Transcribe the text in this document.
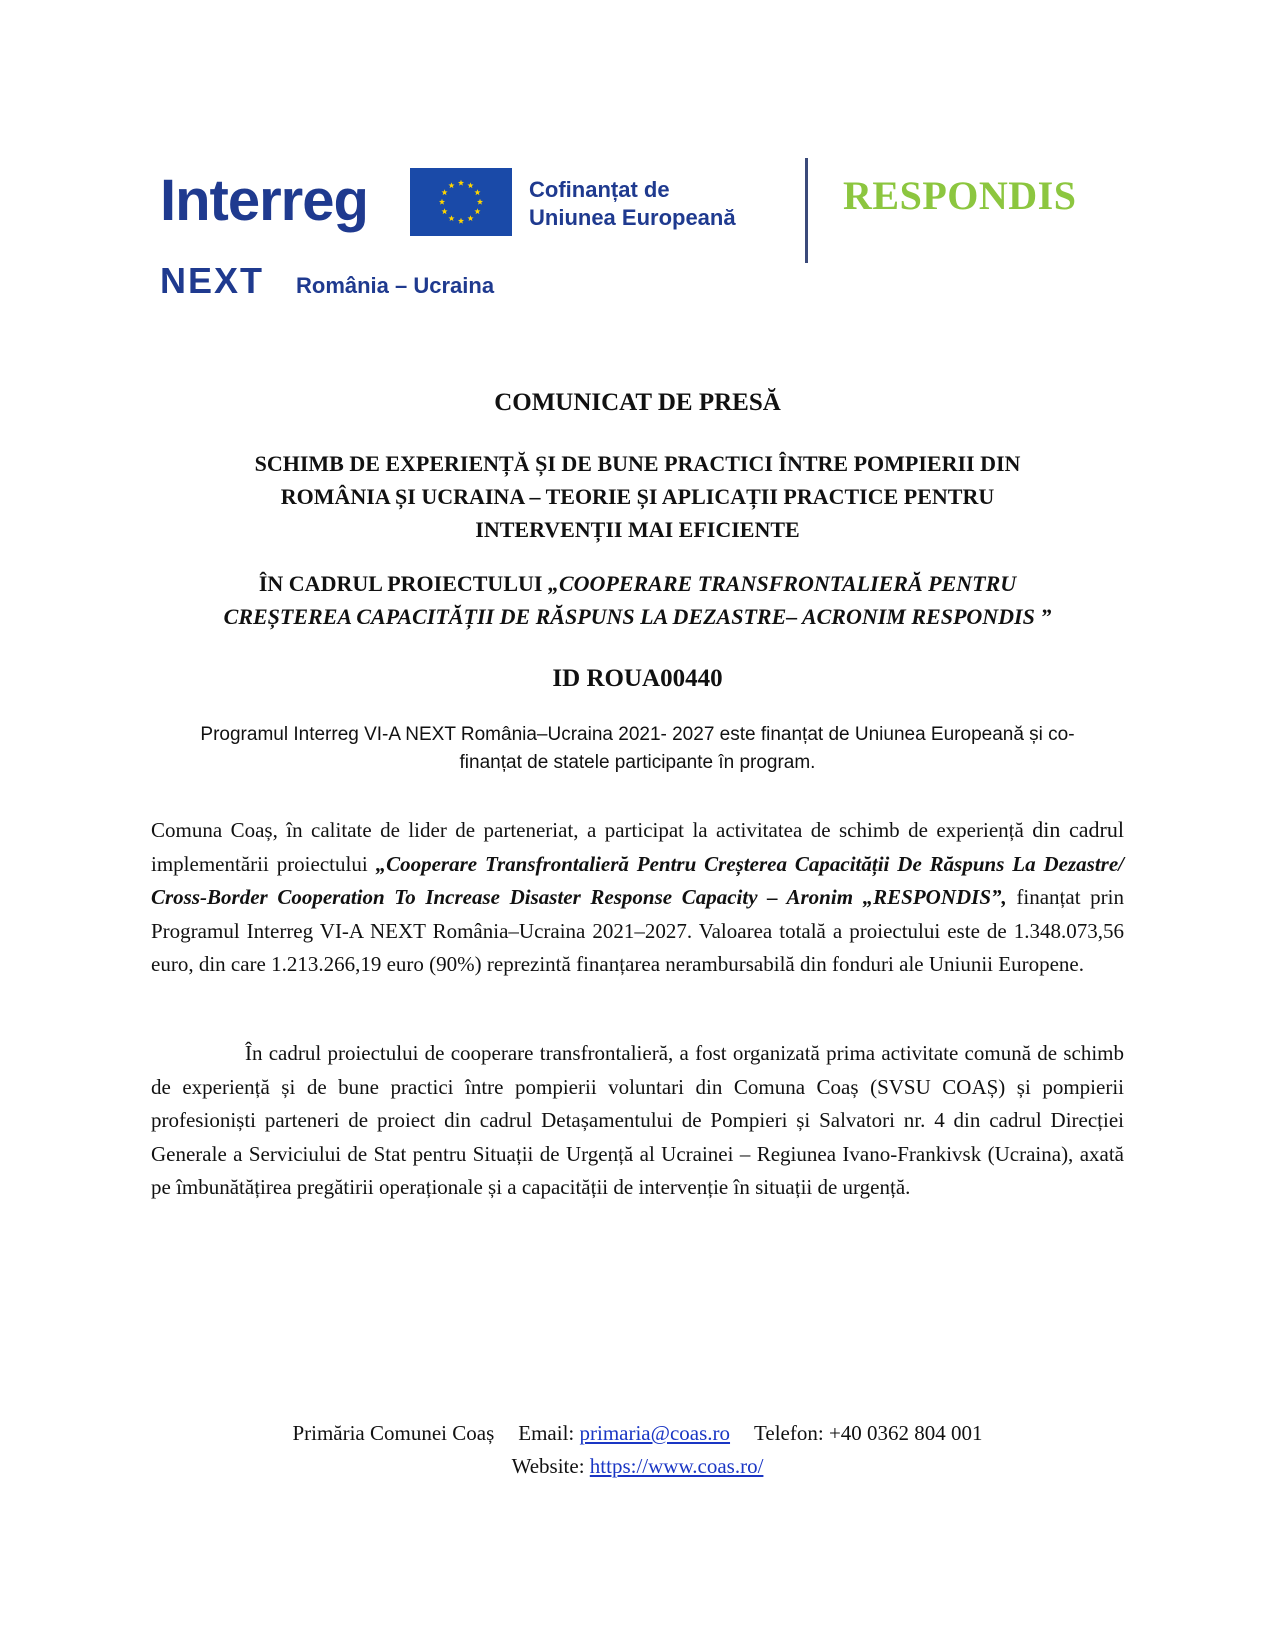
Interreg	Cofinanțat de
Uniunea Europeană
NEXT România – Ucraina
RESPONDIS
COMUNICAT DE PRESĂ
SCHIMB DE EXPERIENȚĂ ȘI DE BUNE PRACTICI ÎNTRE POMPIERII DIN
ROMÂNIA ȘI UCRAINA – TEORIE ȘI APLICAȚII PRACTICE PENTRU
INTERVENȚII MAI EFICIENTE
ÎN CADRUL PROIECTULUI „COOPERARE TRANSFRONTALIERĂ PENTRU
CREȘTEREA CAPACITĂȚII DE RĂSPUNS LA DEZASTRE– ACRONIM RESPONDIS ”
ID ROUA00440
Programul Interreg VI-A NEXT România–Ucraina 2021- 2027 este finanțat de Uniunea Europeană și co-
finanțat de statele participante în program.
Comuna Coaș, în calitate de lider de parteneriat, a participat la activitatea de schimb de experiență din cadrul implementării proiectului „Cooperare Transfrontalieră Pentru Creșterea Capacității De Răspuns La Dezastre/ Cross-Border Cooperation To Increase Disaster Response Capacity – Aronim „RESPONDIS”, finanțat prin Programul Interreg VI-A NEXT România–Ucraina 2021–2027. Valoarea totală a proiectului este de 1.348.073,56 euro, din care 1.213.266,19 euro (90%) reprezintă finanțarea nerambursabilă din fonduri ale Uniunii Europene.
În cadrul proiectului de cooperare transfrontalieră, a fost organizată prima activitate comună de schimb de experiență și de bune practici între pompierii voluntari din Comuna Coaș (SVSU COAȘ) și pompierii profesioniști parteneri de proiect din cadrul Detașamentului de Pompieri și Salvatori nr. 4 din cadrul Direcției Generale a Serviciului de Stat pentru Situații de Urgență al Ucrainei – Regiunea Ivano-Frankivsk (Ucraina), axată pe îmbunătățirea pregătirii operaționale și a capacității de intervenție în situații de urgență.
Primăria Comunei Coaș Email: primaria@coas.ro Telefon: +40 0362 804 001
Website: https://www.coas.ro/
